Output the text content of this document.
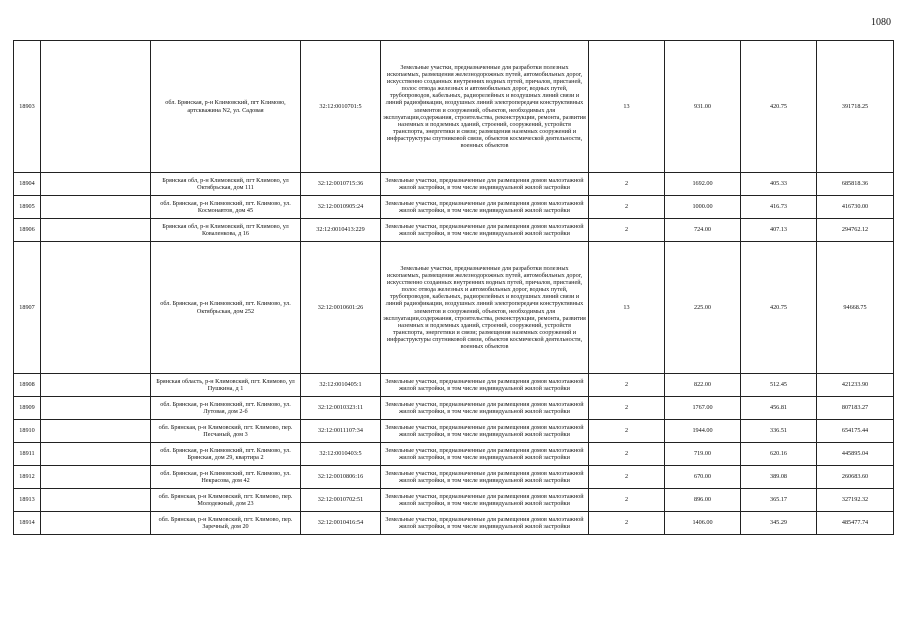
1080
18903		обл. Брянская, р-н Климовский, пгт Климово, артскважина N2, ул. Садовая	32:12:0010701:5	Земельные участки, предназначенные для разработки полезных ископаемых, размещения железнодорожных путей, автомобильных дорог, искусственно созданных внутренних водных путей, причалов, пристаней, полос отвода железных и автомобильных дорог, водных путей, трубопроводов, кабельных, радиорелейных и воздушных линий связи и линий радиофикации, воздушных линий электропередачи конструктивных элементов и сооружений, объектов, необходимых для эксплуатации,содержания, строительства, реконструкции, ремонта, развития наземных и подземных зданий, строений, сооружений, устройств транспорта, энергетики и связи; размещения наземных сооружений и инфраструктуры спутниковой связи, объектов космической деятельности, военных объектов	13	931.00	420.75	391718.25
18904		Брянская обл, р-н Климовский, пгт Климово, ул Октябрьская, дом 111	32:12:0010715:36	Земельные участки, предназначенные для размещения домов малоэтажной жилой застройки, в том числе индивидуальной жилой застройки	2	1692.00	405.33	685818.36
18905		обл. Брянская, р-н Климовский, пгт. Климово, ул. Космонавтов, дом 45	32:12:0010905:24	Земельные участки, предназначенные для размещения домов малоэтажной жилой застройки, в том числе индивидуальной жилой застройки	2	1000.00	416.73	416730.00
18906		Брянская обл, р-н Климовский, пгт Климово, ул Коваленкова, д 16	32:12:0010413:229	Земельные участки, предназначенные для размещения домов малоэтажной жилой застройки, в том числе индивидуальной жилой застройки	2	724.00	407.13	294762.12
18907		обл. Брянская, р-н Климовский, пгт. Климово, ул. Октябрьская, дом 252	32:12:0010601:26	Земельные участки, предназначенные для разработки полезных ископаемых, размещения железнодорожных путей, автомобильных дорог, искусственно созданных внутренних водных путей, причалов, пристаней, полос отвода железных и автомобильных дорог, водных путей, трубопроводов, кабельных, радиорелейных и воздушных линий связи и линий радиофикации, воздушных линий электропередачи конструктивных элементов и сооружений, объектов, необходимых для эксплуатации,содержания, строительства, реконструкции, ремонта, развития наземных и подземных зданий, строений, сооружений, устройств транспорта, энергетики и связи; размещения наземных сооружений и инфраструктуры спутниковой связи, объектов космической деятельности, военных объектов	13	225.00	420.75	94668.75
18908		Брянская область, р-н Климовский, пгт. Климово, ул Пушкина, д 1	32:12:0010405:1	Земельные участки, предназначенные для размещения домов малоэтажной жилой застройки, в том числе индивидуальной жилой застройки	2	822.00	512.45	421233.90
18909		обл. Брянская, р-н Климовский, пгт. Климово, ул. Лутовая, дом 2-б	32:12:0010323:11	Земельные участки, предназначенные для размещения домов малоэтажной жилой застройки, в том числе индивидуальной жилой застройки	2	1767.00	456.81	807183.27
18910		обл. Брянская, р-н Климовский, пгт. Климово, пер. Песчаный, дом 3	32:12:0011107:34	Земельные участки, предназначенные для размещения домов малоэтажной жилой застройки, в том числе индивидуальной жилой застройки	2	1944.00	336.51	654175.44
18911		обл. Брянская, р-н Климовский, пгт. Климово, ул. Брянская, дом 29, квартира 2	32:12:0010403:5	Земельные участки, предназначенные для размещения домов малоэтажной жилой застройки, в том числе индивидуальной жилой застройки	2	719.00	620.16	445895.04
18912		обл. Брянская, р-н Климовский, пгт. Климово, ул. Некрасова, дом 42	32:12:0010806:16	Земельные участки, предназначенные для размещения домов малоэтажной жилой застройки, в том числе индивидуальной жилой застройки	2	670.00	389.08	260683.60
18913		обл. Брянская, р-н Климовский, пгт. Климово, пер. Молодежный, дом 23	32:12:0010702:51	Земельные участки, предназначенные для размещения домов малоэтажной жилой застройки, в том числе индивидуальной жилой застройки	2	896.00	365.17	327192.32
18914		обл. Брянская, р-н Климовский, пгт. Климово, пер. Заречный, дом 20	32:12:0010416:54	Земельные участки, предназначенные для размещения домов малоэтажной жилой застройки, в том числе индивидуальной жилой застройки	2	1406.00	345.29	485477.74
